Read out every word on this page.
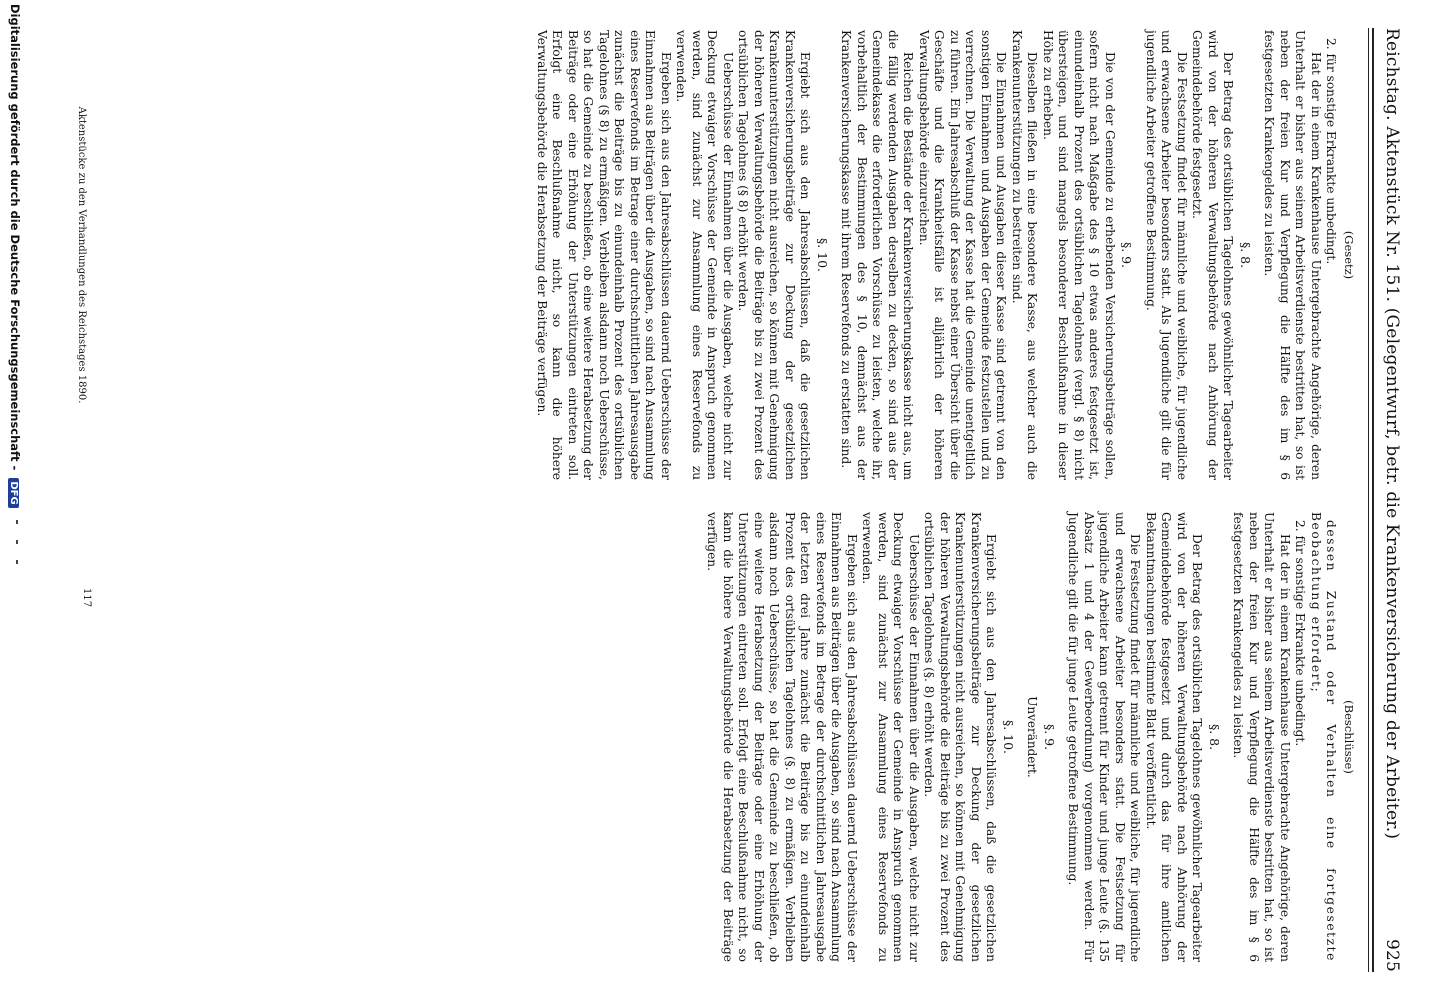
Reichstag. Aktenstück Nr. 151. (Gelegentwurf, betr. die Krankenversicherung der Arbeiter.)
925
(Gesetz)

2. für sonstige Erkrankte unbedingt.

Hat der in einem Krankenhause Untergebrachte Angehörige, deren Unterhalt er bisher aus seinem Arbeitsverdienste bestritten hat, so ist neben der freien Kur und Verpflegung die Hälfte des im § 6 festgesetzten Krankengeldes zu leisten.

§. 8.

Der Betrag des ortsüblichen Tagelohnes gewöhnlicher Tagearbeiter wird von der höheren Verwaltungsbehörde nach Anhörung der Gemeindebehörde festgesetzt.

Die Festsetzung findet für männliche und weibliche, für jugendliche und erwachsene Arbeiter besonders statt. Als Jugendliche gilt die für jugendliche Arbeiter getroffene Bestimmung.

§. 9.

Die von der Gemeinde zu erhebenden Versicherungsbeiträge sollen, sofern nicht nach Maßgabe des § 10 etwas anderes festgesetzt ist, einundeinhalb Prozent des ortsüblichen Tagelohnes (vergl. § 8) nicht übersteigen, und sind mangels besonderer Beschlußnahme in dieser Höhe zu erheben.

Dieselben fließen in eine besondere Kasse, aus welcher auch die Krankenunterstützungen zu bestreiten sind.

Die Einnahmen und Ausgaben dieser Kasse sind getrennt von den sonstigen Einnahmen und Ausgaben der Gemeinde festzustellen und zu verrechnen. Die Verwaltung der Kasse hat die Gemeinde unentgeltlich zu führen. Ein Jahresabschluß der Kasse nebst einer Übersicht über die Geschäfte und die Krankheitsfälle ist alljährlich der höheren Verwaltungsbehörde einzureichen.

Reichen die Bestände der Krankenversicherungskasse nicht aus, um die fällig werdenden Ausgaben derselben zu decken, so sind aus der Gemeindekasse die erforderlichen Vorschüsse zu leisten, welche ihr, vorbehaltlich der Bestimmungen des § 10, demnächst aus der Krankenversicherungskasse mit ihrem Reservefonds zu erstatten sind.

§. 10.

Ergiebt sich aus den Jahresabschlüssen, daß die gesetzlichen Krankenversicherungsbeiträge zur Deckung der gesetzlichen Krankenunterstützungen nicht ausreichen, so können mit Genehmigung der höheren Verwaltungsbehörde die Beiträge bis zu zwei Prozent des ortsüblichen Tagelohnes (§ 8) erhöht werden.

Ueberschüsse der Einnahmen über die Ausgaben, welche nicht zur Deckung etwaiger Vorschüsse der Gemeinde in Anspruch genommen werden, sind zunächst zur Ansammlung eines Reservefonds zu verwenden.

Ergeben sich aus den Jahresabschlüssen dauernd Ueberschüsse der Einnahmen aus Beiträgen über die Ausgaben, so sind nach Ansammlung eines Reservefonds im Betrage einer durchschnittlichen Jahresausgabe zunächst die Beiträge bis zu einundeinhalb Prozent des ortsüblichen Tagelohnes (§ 8) zu ermäßigen. Verbleiben alsdann noch Ueberschüsse, so hat die Gemeinde zu beschließen, ob eine weitere Herabsetzung der Beiträge oder eine Erhöhung der Unterstützungen eintreten soll. Erfolgt eine Beschlußnahme nicht, so kann die höhere Verwaltungsbehörde die Herabsetzung der Beiträge verfügen.

(Beschlüsse)

dessen Zustand oder Verhalten eine fortgesetzte Beobachtung erfordert;

2. für sonstige Erkrankte unbedingt.

Hat der in einem Krankenhause Untergebrachte Angehörige, deren Unterhalt er bisher aus seinem Arbeitsverdienste bestritten hat, so ist neben der freien Kur und Verpflegung die Hälfte des im § 6 festgesetzten Krankengeldes zu leisten.

§. 8.

Der Betrag des ortsüblichen Tagelohnes gewöhnlicher Tagearbeiter wird von der höheren Verwaltungsbehörde nach Anhörung der Gemeindebehörde festgesetzt und durch das für ihre amtlichen Bekanntmachungen bestimmte Blatt veröffentlicht.

Die Festsetzung findet für männliche und weibliche, für jugendliche und erwachsene Arbeiter besonders statt. Die Festsetzung für jugendliche Arbeiter kann getrennt für Kinder und junge Leute (§. 135 Absatz 1 und 4 der Gewerbeordnung) vorgenommen werden. Für Jugendliche gilt die für junge Leute getroffene Bestimmung.

§. 9.
Unverändert.
§. 10.

Ergiebt sich aus den Jahresabschlüssen, daß die gesetzlichen Krankenversicherungsbeiträge zur Deckung der gesetzlichen Krankenunterstützungen nicht ausreichen, so können mit Genehmigung der höheren Verwaltungsbehörde die Beiträge bis zu zwei Prozent des ortsüblichen Tagelohnes (§. 8) erhöht werden.

Ueberschüsse der Einnahmen über die Ausgaben, welche nicht zur Deckung etwaiger Vorschüsse der Gemeinde in Anspruch genommen werden, sind zunächst zur Ansammlung eines Reservefonds zu verwenden.

Ergeben sich aus den Jahresabschlüssen dauernd Ueberschüsse der Einnahmen aus Beiträgen über die Ausgaben, so sind nach Ansammlung eines Reservefonds im Betrage der durchschnittlichen Jahresausgabe der letzten drei Jahre zunächst die Beiträge bis zu einundeinhalb Prozent des ortsüblichen Tagelohnes (§. 8) zu ermäßigen. Verbleiben alsdann noch Ueberschüsse, so hat die Gemeinde zu beschließen, ob eine weitere Herabsetzung der Beiträge oder eine Erhöhung der Unterstützungen eintreten soll. Erfolgt eine Beschlußnahme nicht, so kann die höhere Verwaltungsbehörde die Herabsetzung der Beiträge verfügen.

Aktenstücke zu den Verhandlungen des Reichstages 1890.
117
Digitalisierung gefördert durch die Deutsche Forschungsgemeinschaft - DFG
